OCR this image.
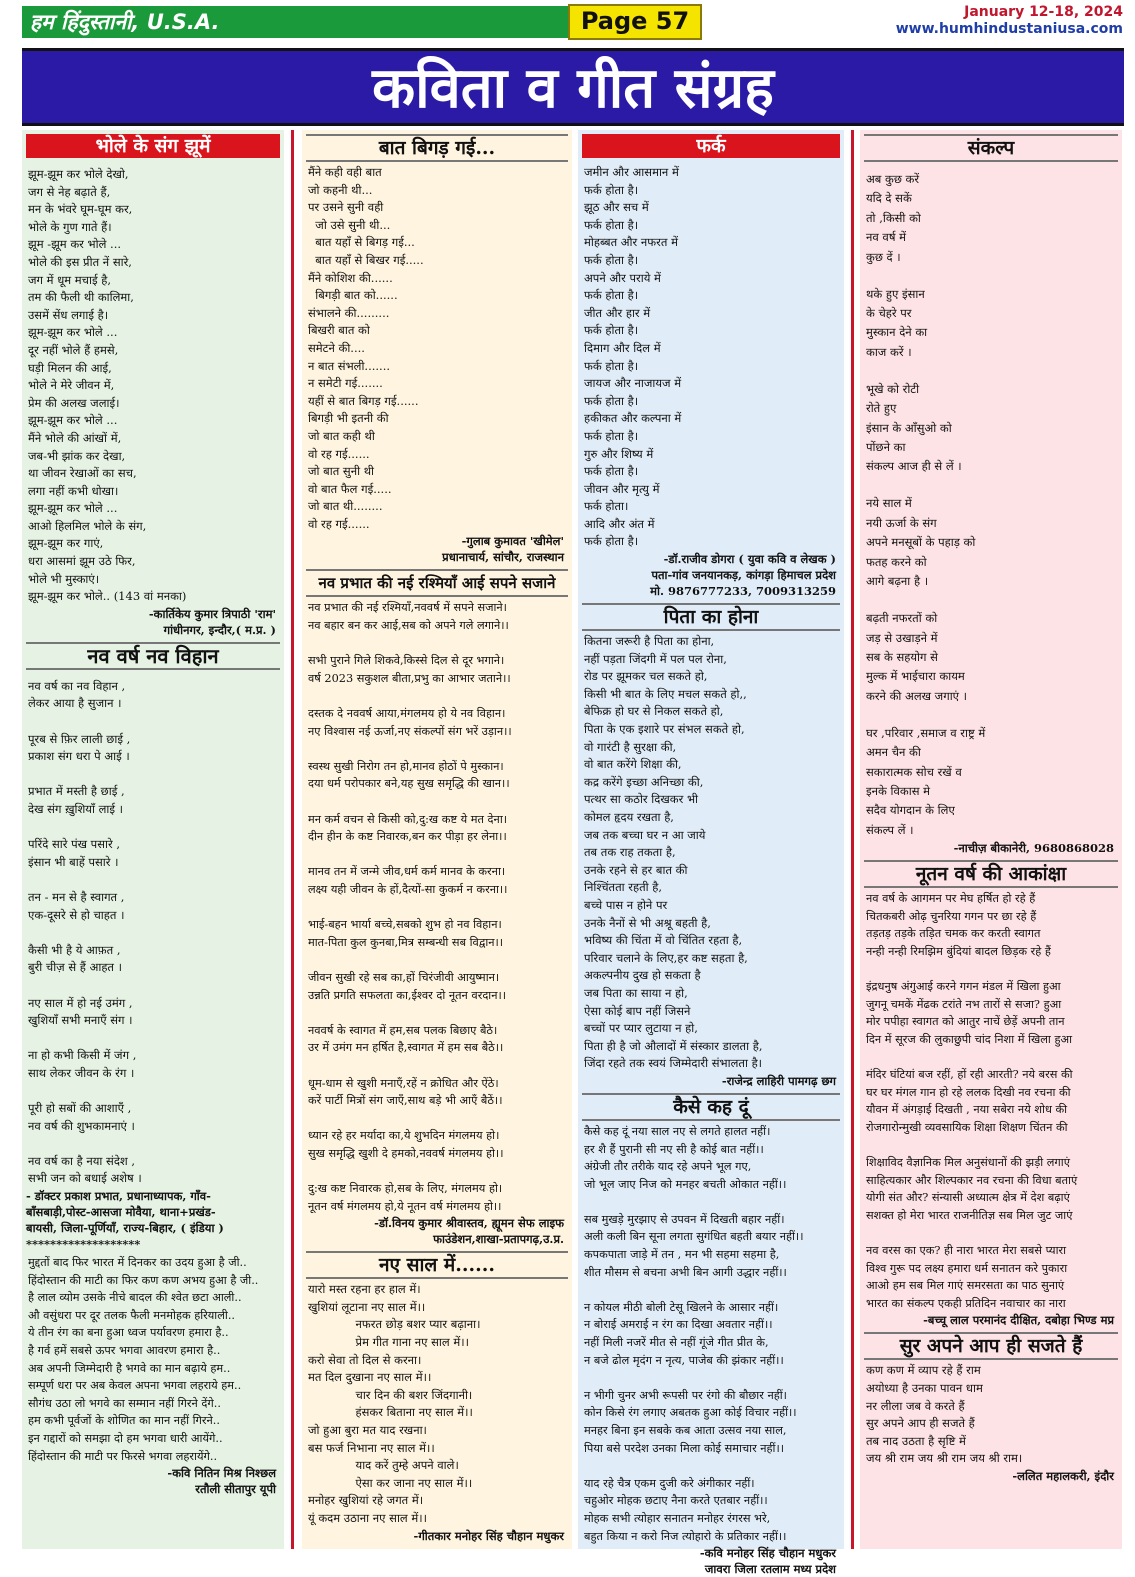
हम हिंदुस्तानी, U.S.A.	Page 57	January 12-18, 2024
www.humhindustaniusa.com
कविता व गीत संग्रह
भोले के संग झूमें
झूम-झूम कर भोले देखो,
जग से नेह बढ़ाते हैं,
मन के भंवरे घूम-घूम कर,
भोले के गुण गाते हैं।
झूम -झूम कर भोले ...
भोले की इस प्रीत नें सारे,
जग में धूम मचाई है,
तम की फैली थी कालिमा,
उसमें सेंध लगाई है।
झूम-झूम कर भोले ...
दूर नहीं भोले हैं हमसे,
घड़ी मिलन की आई,
भोले ने मेरे जीवन में,
प्रेम की अलख जलाई।
झूम-झूम कर भोले ...
मैंने भोले की आंखों में,
जब-भी झांक कर देखा,
था जीवन रेखाओं का सच,
लगा नहीं कभी धोखा।
झूम-झूम कर भोले ...
आओ हिलमिल भोले के संग,
झूम-झूम कर गाएं,
धरा आसमां झूम उठे फिर,
भोले भी मुस्काएं।
झूम-झूम कर भोले.. (143 वां मनका)
-कार्तिकेय कुमार त्रिपाठी 'राम'
गांधीनगर, इन्दौर,( म.प्र. )
नव वर्ष नव विहान
नव वर्ष का नव विहान ,
लेकर आया है सुजान ।
पूरब से फ़िर लाली छाई ,
प्रकाश संग धरा पे आई ।
प्रभात में मस्ती है छाई ,
देख संग ख़ुशियाँ लाई ।
परिंदे सारे पंख पसारे ,
इंसान भी बाहें पसारे ।
तन - मन से है स्वागत ,
एक-दूसरे से हो चाहत ।
कैसी भी है ये आफ़त ,
बुरी चीज़ से हैं आहत ।
नए साल में हो नई उमंग ,
खुशियाँ सभी मनाएँ संग ।
ना हो कभी किसी में जंग ,
साथ लेकर जीवन के रंग ।
पूरी हो सबों की आशाएँ ,
नव वर्ष की शुभकामनाएं ।
नव वर्ष का है नया संदेश ,
सभी जन को बधाई अशेष ।
- डॉक्टर प्रकाश प्रभात, प्रधानाध्यापक, गाँव-
बाँसबाड़ी,पोस्ट-आसजा मोवैया, थाना+प्रखंड-
बायसी, जिला-पूर्णियाँ, राज्य-बिहार, ( इंडिया )
*******************
मुद्दतों बाद फिर भारत में दिनकर का उदय हुआ है जी..
हिंदोस्तान की माटी का फिर कण कण अभय हुआ है जी..
है लाल व्योम उसके नीचे बादल की श्वेत छटा आली..
औ वसुंधरा पर दूर तलक फैली मनमोहक हरियाली..
ये तीन रंग का बना हुआ ध्वज पर्यावरण हमारा है..
है गर्व हमें सबसे ऊपर भगवा आवरण हमारा है..
अब अपनी जिम्मेदारी है भगवे का मान बढ़ाये हम..
सम्पूर्ण धरा पर अब केवल अपना भगवा लहराये हम..
सौगंध उठा लो भगवे का सम्मान नहीं गिरने देंगे..
हम कभी पूर्वजों के शोणित का मान नहीं गिरने..
इन गद्दारों को समझा दो हम भगवा धारी आयेंगे..
हिंदोस्तान की माटी पर फिरसे भगवा लहरायेंगे..
-कवि नितिन मिश्र निश्छल
रतौली सीतापुर यूपी
बात बिगड़ गई...
मैंने कही वही बात
जो कहनी थी...
पर उसने सुनी वही
जो उसे सुनी थी...
बात यहाँ से बिगड़ गई...
बात यहाँ से बिखर गई.....
मैंने कोशिश की......
बिगड़ी बात को......
संभालने की.........
बिखरी बात को
समेटने की....
न बात संभली.......
न समेटी गई.......
यहीं से बात बिगड़ गई......
बिगड़ी भी इतनी की
जो बात कही थी
वो रह गई......
जो बात सुनी थी
वो बात फैल गई.....
जो बात थी........
वो रह गई......
-गुलाब कुमावत 'खीमेल'
प्रधानाचार्य, सांचौर, राजस्थान
नव प्रभात की नई रश्मियाँ आई सपने सजाने
नव प्रभात की नई रश्मियाँ,नववर्ष में सपने सजाने।
नव बहार बन कर आई,सब को अपने गले लगाने।।
सभी पुराने गिले शिकवे,किस्से दिल से दूर भगाने।
वर्ष 2023 सकुशल बीता,प्रभु का आभार जताने।।
दस्तक दे नववर्ष आया,मंगलमय हो ये नव विहान।
नए विश्वास नई ऊर्जा,नए संकल्पों संग भरें उड़ान।।
स्वस्थ सुखी निरोग तन हो,मानव होठों पे मुस्कान।
दया धर्म परोपकार बने,यह सुख समृद्धि की खान।।
मन कर्म वचन से किसी को,दु:ख कष्ट ये मत देना।
दीन हीन के कष्ट निवारक,बन कर पीड़ा हर लेना।।
मानव तन में जन्मे जीव,धर्म कर्म मानव के करना।
लक्ष्य यही जीवन के हों,दैत्यों-सा कुकर्म न करना।।
भाई-बहन भार्या बच्चे,सबको शुभ हो नव विहान।
मात-पिता कुल कुनबा,मित्र सम्बन्धी सब विद्वान।।
जीवन सुखी रहे सब का,हों चिरंजीवी आयुष्मान।
उन्नति प्रगति सफलता का,ईश्वर दो नूतन वरदान।।
नववर्ष के स्वागत में हम,सब पलक बिछाए बैठे।
उर में उमंग मन हर्षित है,स्वागत में हम सब बैठे।।
धूम-धाम से खुशी मनाएँ,रहें न क्रोधित और ऐंठे।
करें पार्टी मित्रों संग जाएँ,साथ बड़े भी आएँ बैठें।।
ध्यान रहे हर मर्यादा का,ये शुभदिन मंगलमय हो।
सुख समृद्धि खुशी दे हमको,नववर्ष मंगलमय हो।।
दु:ख कष्ट निवारक हो,सब के लिए, मंगलमय हो।
नूतन वर्ष मंगलमय हो,ये नूतन वर्ष मंगलमय हो।।
-डॉ.विनय कुमार श्रीवास्तव, ह्यूमन सेफ लाइफ
फाउंडेशन,शाखा-प्रतापगढ़,उ.प्र.
नए साल में......
यारो मस्त रहना हर हाल में।
खुशियां लूटाना नए साल में।।
नफरत छोड़ बशर प्यार बढ़ाना।
प्रेम गीत गाना नए साल में।।
करो सेवा तो दिल से करना।
मत दिल दुखाना नए साल में।।
चार दिन की बशर जिंदगानी।
हंसकर बिताना नए साल में।।
जो हुआ बुरा मत याद रखना।
बस फर्ज निभाना नए साल में।।
याद करें तुम्हे अपने वाले।
ऐसा कर जाना नए साल में।।
मनोहर खुशियां रहे जगत में।
यूं कदम उठाना नए साल में।।
-गीतकार मनोहर सिंह चौहान मधुकर
फर्क
जमीन और आसमान में
फर्क होता है।
झूठ और सच में
फर्क होता है।
मोहब्बत और नफरत में
फर्क होता है।
अपने और पराये में
फर्क होता है।
जीत और हार में
फर्क होता है।
दिमाग और दिल में
फर्क होता है।
जायज और नाजायज में
फर्क होता है।
हकीकत और कल्पना में
फर्क होता है।
गुरु और शिष्य में
फर्क होता है।
जीवन और मृत्यु में
फर्क होता।
आदि और अंत में
फर्क होता है।
-डॉ.राजीव डोगरा ( युवा कवि व लेखक )
पता-गांव जनयानकड़, कांगड़ा हिमाचल प्रदेश
मो. 9876777233, 7009313259
पिता का होना
कितना जरूरी है पिता का होना,
नहीं पड़ता जिंदगी में पल पल रोना,
रोड पर झूमकर चल सकते हो,
किसी भी बात के लिए मचल सकते हो,,
बेफिक्र हो घर से निकल सकते हो,
पिता के एक इशारे पर संभल सकते हो,
वो गारंटी है सुरक्षा की,
वो बात करेंगे शिक्षा की,
कद्र करेंगे इच्छा अनिच्छा की,
पत्थर सा कठोर दिखकर भी
कोमल हृदय रखता है,
जब तक बच्चा घर न आ जाये
तब तक राह तकता है,
उनके रहने से हर बात की
निश्चिंतता रहती है,
बच्चे पास न होने पर
उनके नैनों से भी अश्रू बहती है,
भविष्य की चिंता में वो चिंतित रहता है,
परिवार चलाने के लिए,हर कष्ट सहता है,
अकल्पनीय दुख हो सकता है
जब पिता का साया न हो,
ऐसा कोई बाप नहीं जिसने
बच्चों पर प्यार लुटाया न हो,
पिता ही है जो औलादों में संस्कार डालता है,
जिंदा रहते तक स्वयं जिम्मेदारी संभालता है।
-राजेन्द्र लाहिरी पामगढ़ छग
कैसे कह दूं
कैसे कह दूं नया साल नए से लगते हालत नहीं।
हर शै हैं पुरानी सी नए सी है कोई बात नहीं।।
अंग्रेजी तौर तरीके याद रहे अपने भूल गए,
जो भूल जाए निज को मनहर बचती ओकात नहीं।।
सब मुखड़े मुरझाए से उपवन में दिखती बहार नहीं।
अली कली बिन सूना लगता सुगंधित बहती बयार नहीं।।
कपकपाता जाड़े में तन , मन भी सहमा सहमा है,
शीत मौसम से बचना अभी बिन आगी उद्धार नहीं।।
न कोयल मीठी बोली टेसू खिलने के आसार नहीं।
न बोराई अमराई न रंग का दिखा अवतार नहीं।।
नहीं मिली नजरें मीत से नहीं गूंजे गीत प्रीत के,
न बजे ढोल मृदंग न नृत्य, पाजेब की झंकार नहीं।।
न भीगी चुनर अभी रूपसी पर रंगो की बौछार नहीं।
कोन किसे रंग लगाए अबतक हुआ कोई विचार नहीं।।
मनहर बिना इन सबके कब आता उत्सव नया साल,
पिया बसे परदेश उनका मिला कोई समाचार नहीं।।
याद रहे चैत्र एकम दुजी करे अंगीकार नहीं।
चहुओर मोहक छटाए नैना करते एतबार नहीं।।
मोहक सभी त्योहार सनातन मनोहर रंगरस भरे,
बहुत किया न करो निज त्योहारो के प्रतिकार नहीं।।
-कवि मनोहर सिंह चौहान मधुकर
जावरा जिला रतलाम मध्य प्रदेश
संकल्प
अब कुछ करें
यदि दे सकें
तो ,किसी को
नव वर्ष में
कुछ दें ।
थके हुए इंसान
के चेहरे पर
मुस्कान देने का
काज करें ।
भूखे को रोटी
रोते हुए
इंसान के आँसुओ को
पोंछने का
संकल्प आज ही से लें ।
नये साल में
नयी ऊर्जा के संग
अपने मनसूबों के पहाड़ को
फतह करने को
आगे बढ़ना है ।
बढ़ती नफरतों को
जड़ से उखाड़ने में
सब के सहयोग से
मुल्क में भाईचारा कायम
करने की अलख जगाएं ।
घर ,परिवार ,समाज व राष्ट्र में
अमन चैन की
सकारात्मक सोच रखें व
इनके विकास मे
सदैव योगदान के लिए
संकल्प लें ।
-नाचीज़ बीकानेरी, 9680868028
नूतन वर्ष की आकांक्षा
नव वर्ष के आगमन पर मेघ हर्षित हो रहे हैं
चितकबरी ओढ़ चुनरिया गगन पर छा रहे हैं
तड़तड़ तड़के तड़ित चमक कर करती स्वागत
नन्ही नन्ही रिमझिम बुंदियां बादल छिड़क रहे हैं
इंद्रधनुष अंगुआई करने गगन मंडल में खिला हुआ
जुगनू चमकें मेंढक टरांते नभ तारों से सजा? हुआ
मोर पपीहा स्वागत को आतुर नाचें छेड़ें अपनी तान
दिन में सूरज की लुकाछुपी चांद निशा में खिला हुआ
मंदिर घंटियां बज रहीं, हों रही आरती? नये बरस की
घर घर मंगल गान हो रहे ललक दिखी नव रचना की
यौवन में अंगड़ाई दिखती , नया सबेरा नये शोध की
रोजगारोन्मुखी व्यवसायिक शिक्षा शिक्षण चिंतन की
शिक्षाविद वैज्ञानिक मिल अनुसंधानों की झड़ी लगाएं
साहित्यकार और शिल्पकार नव रचना की विधा बताएं
योगी संत और? संन्यासी अध्यात्म क्षेत्र में देश बढ़ाएं
सशक्त हो मेरा भारत राजनीतिज्ञ सब मिल जुट जाएं
नव वरस का एक? ही नारा भारत मेरा सबसे प्यारा
विश्व गुरू पद लक्ष्य हमारा धर्म सनातन करे पुकारा
आओ हम सब मिल गाएं समरसता का पाठ सुनाएं
भारत का संकल्प एकही प्रतिदिन नवाचार का नारा
-बच्चू लाल परमानंद दीक्षित, दबोहा भिण्ड मप्र
सुर अपने आप ही सजते हैं
कण कण में व्याप रहे हैं राम
अयोध्या है उनका पावन धाम
नर लीला जब वे करते हैं
सुर अपने आप ही सजते हैं
तब नाद उठता है सृष्टि में
जय श्री राम जय श्री राम जय श्री राम।
-ललित महालकरी, इंदौर
